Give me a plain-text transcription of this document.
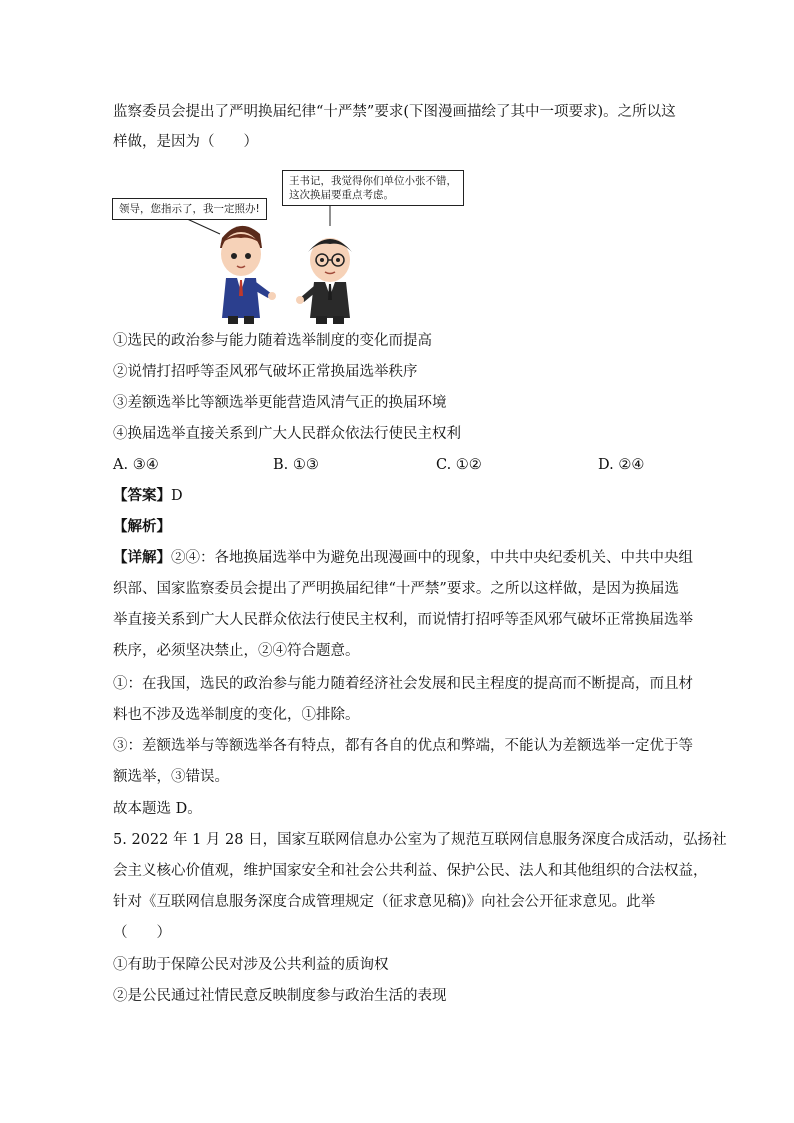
监察委员会提出了严明换届纪律“十严禁”要求(下图漫画描绘了其中一项要求)。之所以这
样做，是因为（　　）
领导，您指示了，我一定照办!
王书记，我觉得你们单位小张不错，
这次换届要重点考虑。
①选民的政治参与能力随着选举制度的变化而提高
②说情打招呼等歪风邪气破坏正常换届选举秩序
③差额选举比等额选举更能营造风清气正的换届环境
④换届选举直接关系到广大人民群众依法行使民主权利
A. ③④	B. ①③	C. ①②	D. ②④
【答案】D
【解析】
【详解】②④：各地换届选举中为避免出现漫画中的现象，中共中央纪委机关、中共中央组
织部、国家监察委员会提出了严明换届纪律“十严禁”要求。之所以这样做，是因为换届选
举直接关系到广大人民群众依法行使民主权利，而说情打招呼等歪风邪气破坏正常换届选举
秩序，必须坚决禁止，②④符合题意。
①：在我国，选民的政治参与能力随着经济社会发展和民主程度的提高而不断提高，而且材
料也不涉及选举制度的变化，①排除。
③：差额选举与等额选举各有特点，都有各自的优点和弊端，不能认为差额选举一定优于等
额选举，③错误。
故本题选 D。
5. 2022 年 1 月 28 日，国家互联网信息办公室为了规范互联网信息服务深度合成活动，弘扬社
会主义核心价值观，维护国家安全和社会公共利益、保护公民、法人和其他组织的合法权益，
针对《互联网信息服务深度合成管理规定（征求意见稿)》向社会公开征求意见。此举
（　　）
①有助于保障公民对涉及公共利益的质询权
②是公民通过社情民意反映制度参与政治生活的表现
